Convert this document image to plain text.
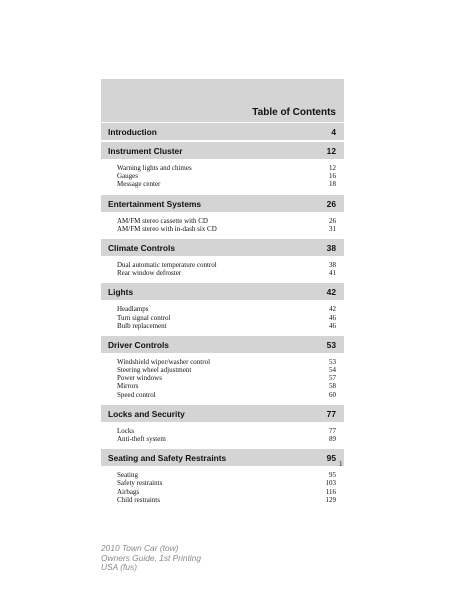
Table of Contents
Introduction	4
Instrument Cluster	12
Warning lights and chimes	12
Gauges	16
Message center	18
Entertainment Systems	26
AM/FM stereo cassette with CD	26
AM/FM stereo with in-dash six CD	31
Climate Controls	38
Dual automatic temperature control	38
Rear window defroster	41
Lights	42
Headlamps	42
Turn signal control	46
Bulb replacement	46
Driver Controls	53
Windshield wiper/washer control	53
Steering wheel adjustment	54
Power windows	57
Mirrors	58
Speed control	60
Locks and Security	77
Locks	77
Anti-theft system	89
Seating and Safety Restraints	95
Seating	95
Safety restraints	103
Airbags	116
Child restraints	129
1
2010 Town Car (tow)
Owners Guide, 1st Printing
USA (fus)
